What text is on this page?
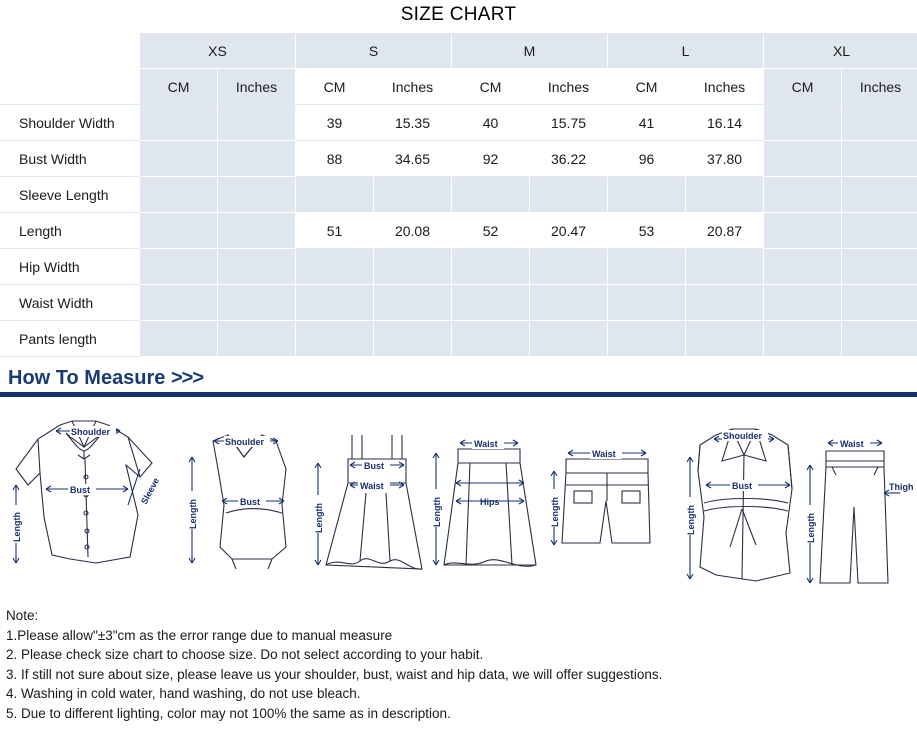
SIZE CHART
	XS		S		M		L		XL	
	CM	Inches	CM	Inches	CM	Inches	CM	Inches	CM	Inches
Shoulder Width			39	15.35	40	15.75	41	16.14		
Bust Width			88	34.65	92	36.22	96	37.80		
Sleeve Length										
Length			51	20.08	52	20.47	53	20.87		
Hip Width										
Waist Width										
Pants length										
How To Measure >>>
Shoulder
Bust	Sleeve
Length
Shoulder
Bust
Length
Bust
Waist
Length
Waist
Hips
Length
Waist
Length
Shoulder
Bust
Length
Waist
Thigh
Length
Note:
1.Please allow"±3"cm as the error range due to manual measure
2. Please check size chart to choose size. Do not select according to your habit.
3. If still not sure about size, please leave us your shoulder, bust, waist and hip data, we will offer suggestions.
4. Washing in cold water, hand washing, do not use bleach.
5. Due to different lighting, color may not 100% the same as in description.
